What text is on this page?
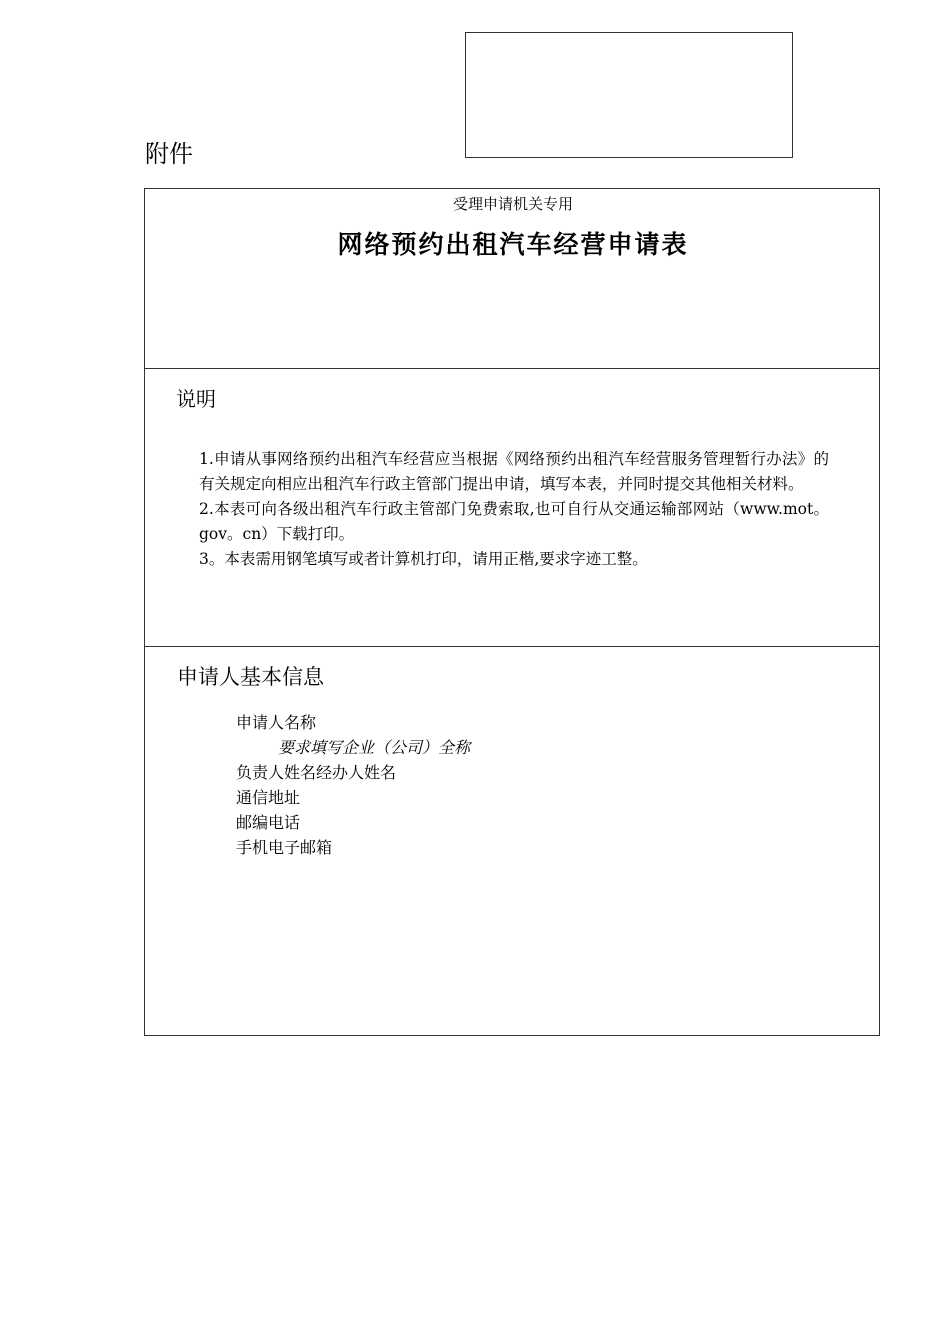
附件
受理申请机关专用
网络预约出租汽车经营申请表
说明

1.申请从事网络预约出租汽车经营应当根据《网络预约出租汽车经营服务管理暂行办法》的有关规定向相应出租汽车行政主管部门提出申请，填写本表，并同时提交其他相关材料。

2.本表可向各级出租汽车行政主管部门免费索取,也可自行从交通运输部网站（www.mot。gov。cn）下载打印。

3。本表需用钢笔填写或者计算机打印，请用正楷,要求字迹工整。

申请人基本信息
申请人名称
要求填写企业（公司）全称
负责人姓名经办人姓名
通信地址
邮编电话
手机电子邮箱
